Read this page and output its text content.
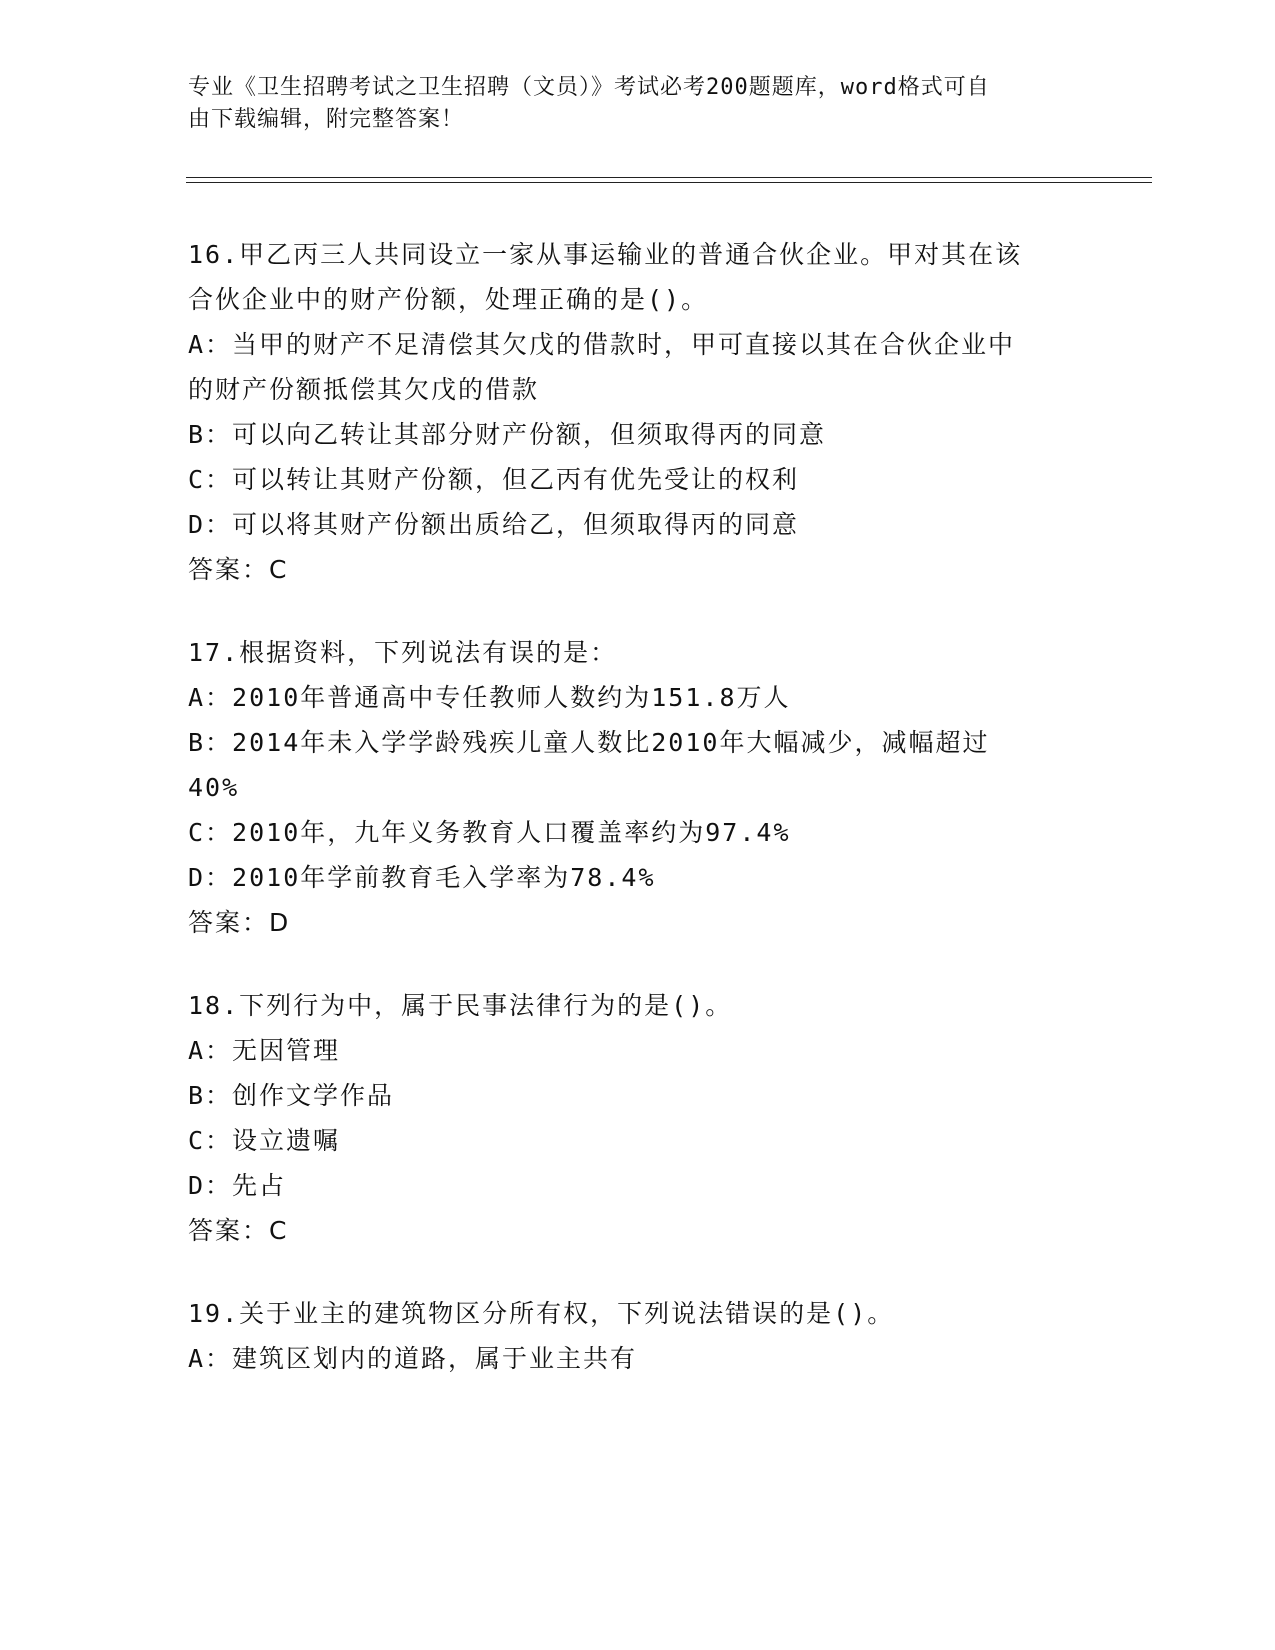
专业《卫生招聘考试之卫生招聘（文员）》考试必考200题题库，word格式可自
由下载编辑，附完整答案！
16.甲乙丙三人共同设立一家从事运输业的普通合伙企业。甲对其在该
合伙企业中的财产份额，处理正确的是()。
A：当甲的财产不足清偿其欠戊的借款时，甲可直接以其在合伙企业中
的财产份额抵偿其欠戊的借款
B：可以向乙转让其部分财产份额，但须取得丙的同意
C：可以转让其财产份额，但乙丙有优先受让的权利
D：可以将其财产份额出质给乙，但须取得丙的同意
答案：C
17.根据资料，下列说法有误的是：
A：2010年普通高中专任教师人数约为151.8万人
B：2014年未入学学龄残疾儿童人数比2010年大幅减少，减幅超过
40%
C：2010年，九年义务教育人口覆盖率约为97.4%
D：2010年学前教育毛入学率为78.4%
答案：D
18.下列行为中，属于民事法律行为的是()。
A：无因管理
B：创作文学作品
C：设立遗嘱
D：先占
答案：C
19.关于业主的建筑物区分所有权，下列说法错误的是()。
A：建筑区划内的道路，属于业主共有
